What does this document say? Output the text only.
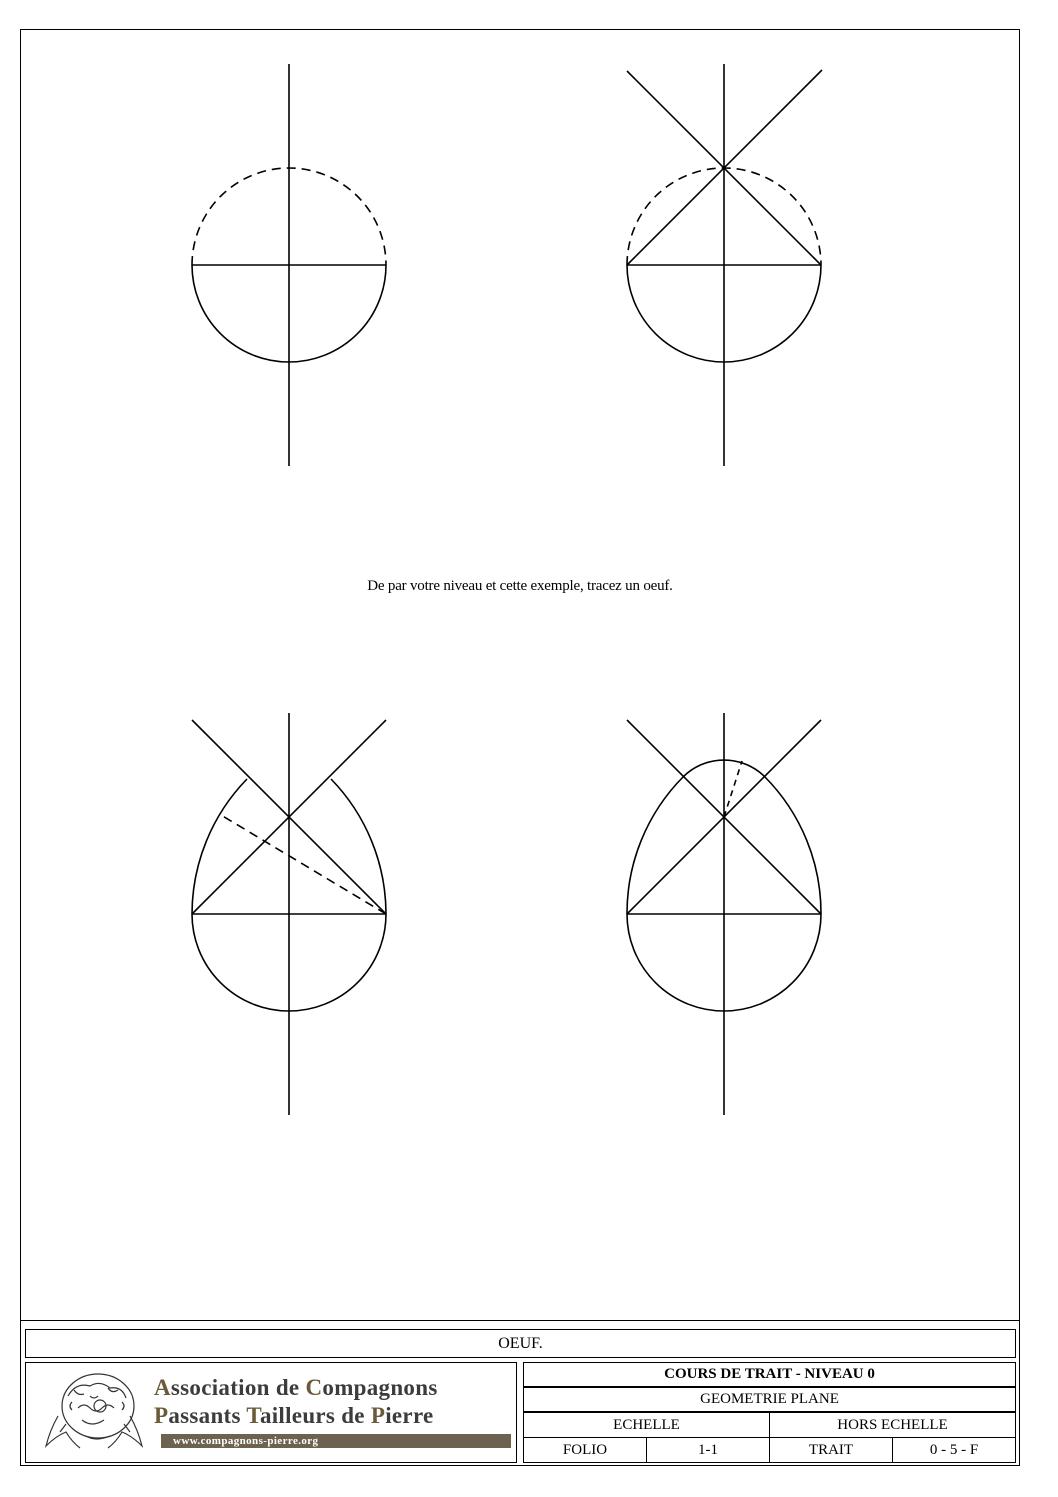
De par votre niveau et cette exemple, tracez un oeuf.
OEUF.
Association de Compagnons
Passants Tailleurs de Pierre
www.compagnons-pierre.org
COURS DE TRAIT - NIVEAU 0
GEOMETRIE PLANE
ECHELLE	HORS ECHELLE
FOLIO	1-1	TRAIT	0 - 5 - F
